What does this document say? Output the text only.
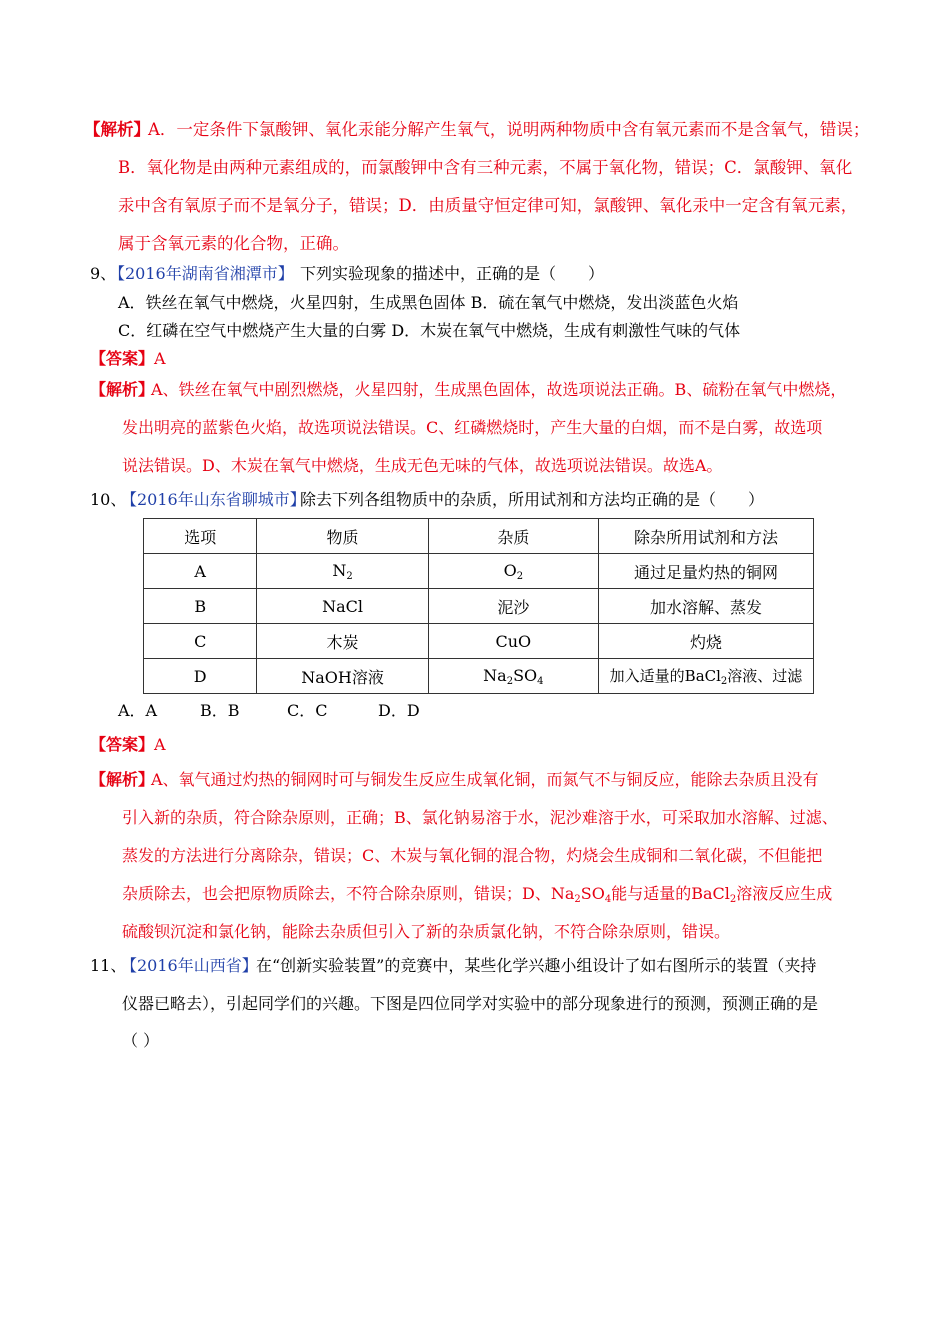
【解析】
A．一定条件下氯酸钾、氧化汞能分解产生氧气，说明两种物质中含有氧元素而不是含氧气，错误；
B．氧化物是由两种元素组成的，而氯酸钾中含有三种元素，不属于氧化物，错误；C．氯酸钾、氧化
汞中含有氧原子而不是氧分子，错误；D．由质量守恒定律可知，氯酸钾、氧化汞中一定含有氧元素，
属于含氧元素的化合物，正确。
9、
【2016年湖南省湘潭市】 下列实验现象的描述中，正确的是（　　）
A．铁丝在氧气中燃烧，火星四射，生成黑色固体 B．硫在氧气中燃烧，发出淡蓝色火焰
C．红磷在空气中燃烧产生大量的白雾 D．木炭在氧气中燃烧，生成有刺激性气味的气体
【答案】A
【解析】
A、铁丝在氧气中剧烈燃烧，火星四射，生成黑色固体，故选项说法正确。B、硫粉在氧气中燃烧，
发出明亮的蓝紫色火焰，故选项说法错误。C、红磷燃烧时，产生大量的白烟，而不是白雾，故选项
说法错误。D、木炭在氧气中燃烧，生成无色无味的气体，故选项说法错误。故选A。
10、
【2016年山东省聊城市】
除去下列各组物质中的杂质，所用试剂和方法均正确的是（　　）
选项	物质	杂质	除杂所用试剂和方法
A	$N_2$	$O_2$	通过足量灼热的铜网
B	NaCl	泥沙	加水溶解、蒸发
C	木炭	CuO	灼烧
D	NaOH溶液	$Na_2SO_4$	加入适量的BaCl$_2$溶液、过滤
A．A	B．B	C．C	D．D
【答案】A
【解析】
A、氧气通过灼热的铜网时可与铜发生反应生成氧化铜，而氮气不与铜反应，能除去杂质且没有
引入新的杂质，符合除杂原则，正确；B、氯化钠易溶于水，泥沙难溶于水，可采取加水溶解、过滤、
蒸发的方法进行分离除杂，错误；C、木炭与氧化铜的混合物，灼烧会生成铜和二氧化碳，不但能把
杂质除去，也会把原物质除去，不符合除杂原则，错误；D、$Na_2SO_4$能与适量的BaCl$_2$溶液反应生成
硫酸钡沉淀和氯化钠，能除去杂质但引入了新的杂质氯化钠，不符合除杂原则，错误。
11、
【2016年山西省】
在“创新实验装置”的竞赛中，某些化学兴趣小组设计了如右图所示的装置（夹持
仪器已略去），引起同学们的兴趣。下图是四位同学对实验中的部分现象进行的预测，预测正确的是
（ ）
